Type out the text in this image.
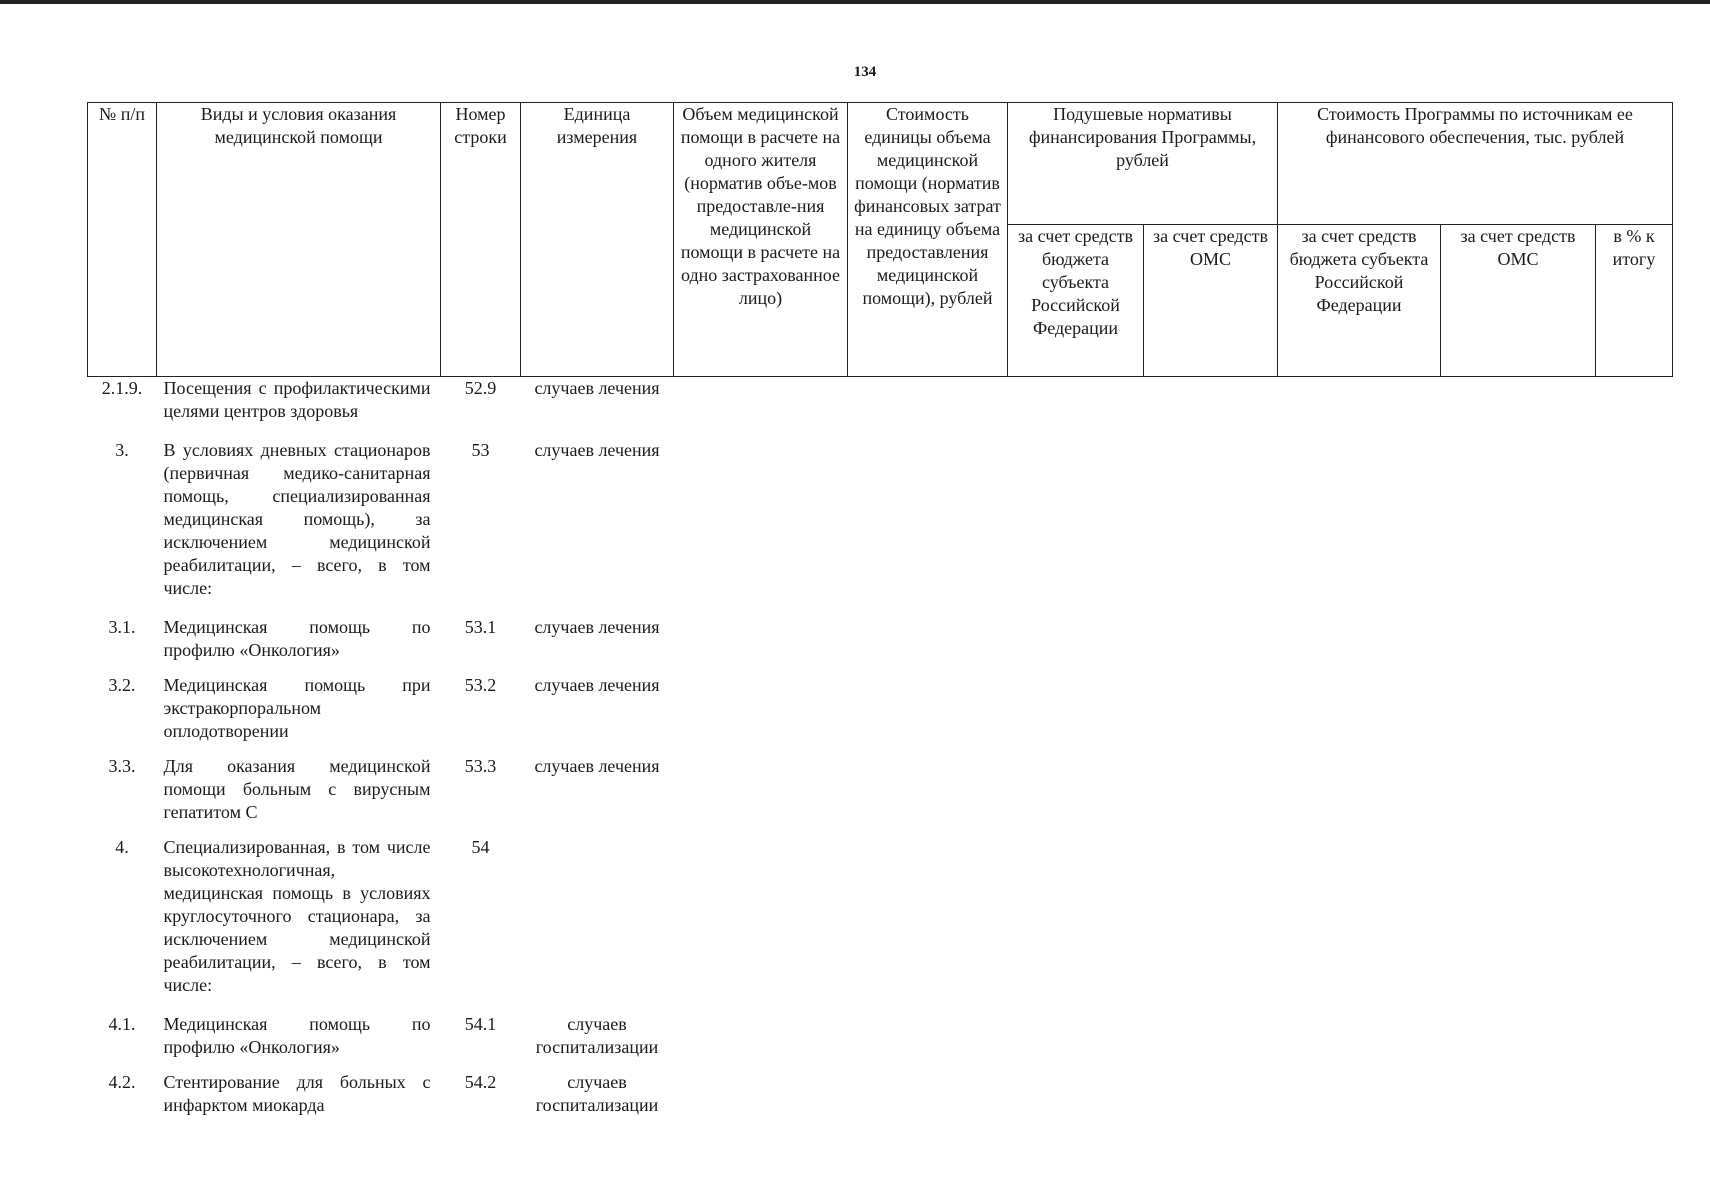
134
№ п/п	Виды и условия оказания медицинской помощи	Номер строки	Единица измерения	Объем медицинской помощи в расчете на одного жителя (норматив объе-мов предоставле-ния медицинской помощи в расчете на одно застрахованное лицо)	Стоимость единицы объема медицинской помощи (норматив финансовых затрат на единицу объема предоставления медицинской помощи), рублей	Подушевые нормативы финансирования Программы, рублей		Стоимость Программы по источникам ее финансового обеспечения, тыс. рублей		
						за счет средств бюджета субъекта Российской Федерации	за счет средств ОМС	за счет средств бюджета субъекта Российской Федерации	за счет средств ОМС	в % к итогу
2.1.9.	Посещения с профилактическими целями центров здоровья	52.9	случаев лечения							

3.	В условиях дневных стационаров (первичная медико-санитарная помощь, специализированная медицинская помощь), за исключением медицинской реабилитации, – всего, в том числе:	53	случаев лечения							

3.1.	Медицинская помощь по профилю «Онкология»	53.1	случаев лечения							

3.2.	Медицинская помощь при экстракорпоральном оплодотворении	53.2	случаев лечения							

3.3.	Для оказания медицинской помощи больным с вирусным гепатитом С	53.3	случаев лечения							

4.	Специализированная, в том числе высокотехнологичная, медицинская помощь в условиях круглосуточного стационара, за исключением медицинской реабилитации, – всего, в том числе:	54								

4.1.	Медицинская помощь по профилю «Онкология»	54.1	случаев госпитализации							

4.2.	Стентирование для больных с инфарктом миокарда	54.2	случаев госпитализации							
